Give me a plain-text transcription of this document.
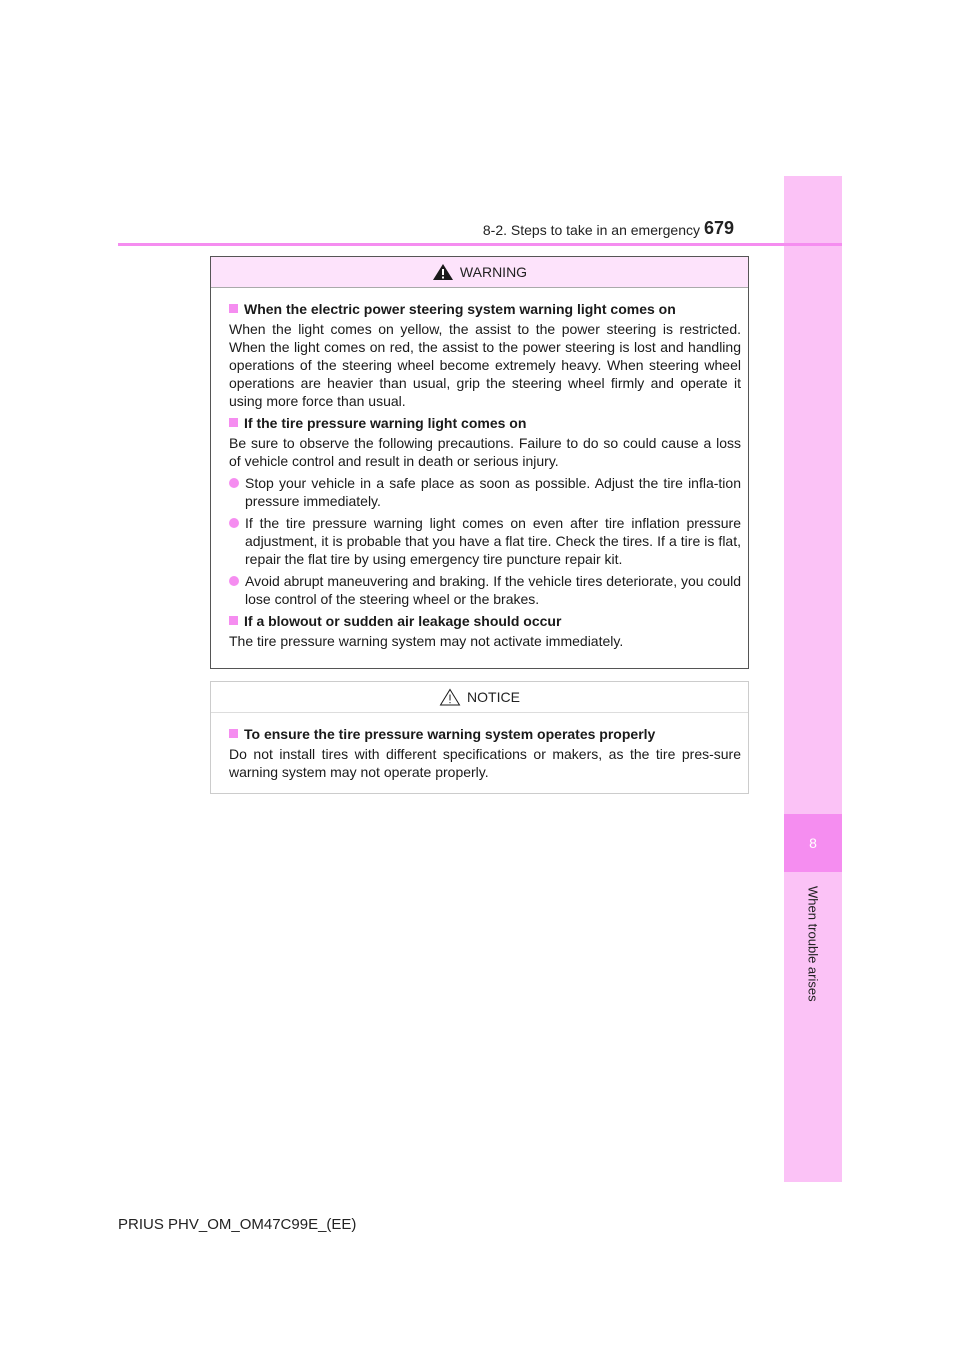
8
When trouble arises
8-2. Steps to take in an emergency 679
WARNING
When the electric power steering system warning light comes on
When the light comes on yellow, the assist to the power steering is restricted. When the light comes on red, the assist to the power steering is lost and handling operations of the steering wheel become extremely heavy. When steering wheel operations are heavier than usual, grip the steering wheel firmly and operate it using more force than usual.
If the tire pressure warning light comes on
Be sure to observe the following precautions. Failure to do so could cause a loss of vehicle control and result in death or serious injury.
Stop your vehicle in a safe place as soon as possible. Adjust the tire infla-tion pressure immediately.
If the tire pressure warning light comes on even after tire inflation pressure adjustment, it is probable that you have a flat tire. Check the tires. If a tire is flat, repair the flat tire by using emergency tire puncture repair kit.
Avoid abrupt maneuvering and braking. If the vehicle tires deteriorate, you could lose control of the steering wheel or the brakes.
If a blowout or sudden air leakage should occur
The tire pressure warning system may not activate immediately.
NOTICE
To ensure the tire pressure warning system operates properly
Do not install tires with different specifications or makers, as the tire pres-sure warning system may not operate properly.
PRIUS PHV_OM_OM47C99E_(EE)
